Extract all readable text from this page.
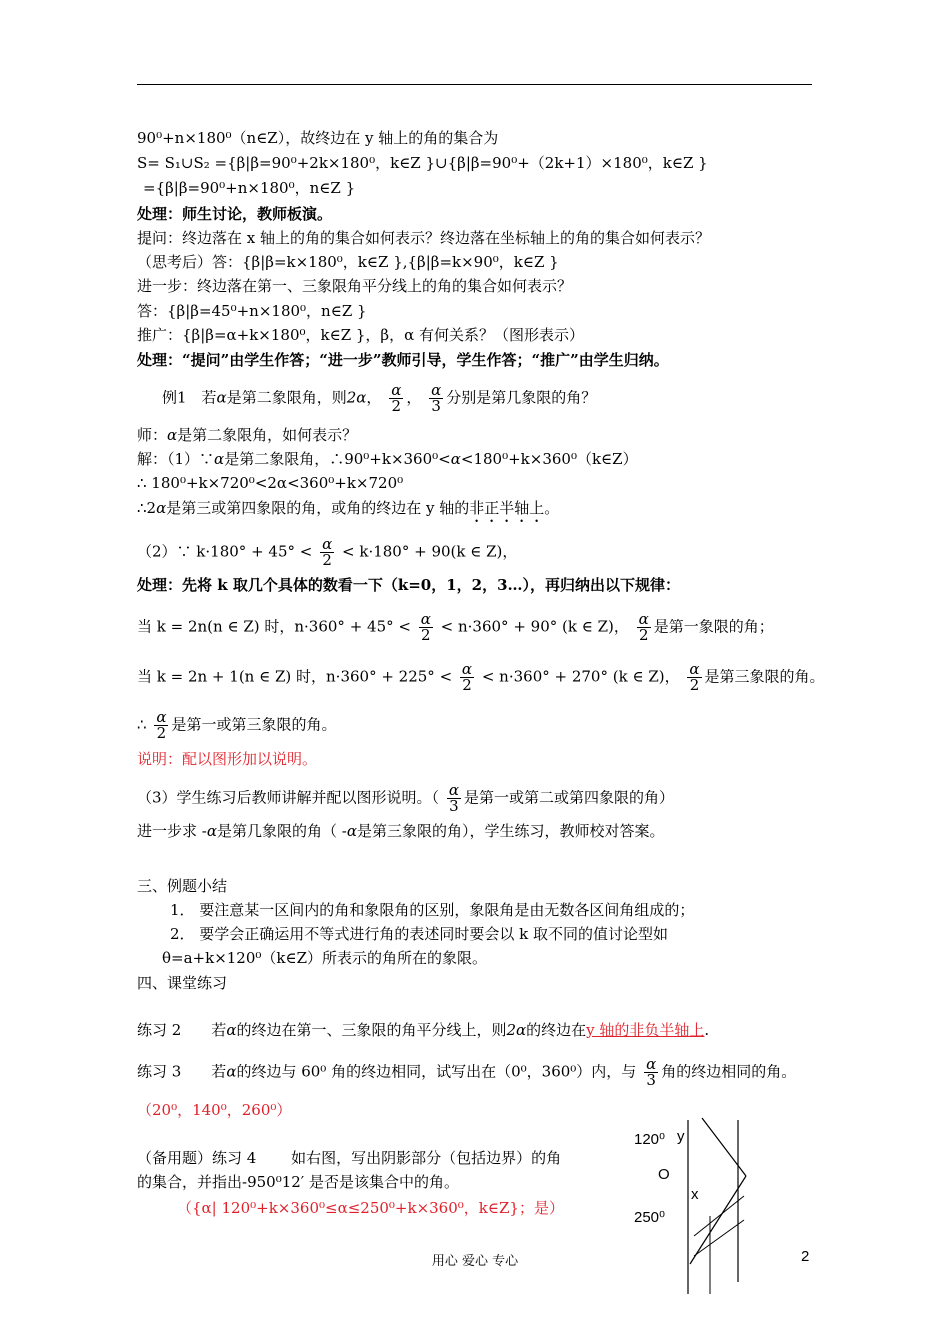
90⁰+n×180⁰（n∈Z），故终边在 y 轴上的角的集合为
S= S₁∪S₂ ={β|β=90⁰+2k×180⁰，k∈Z }∪{β|β=90⁰+（2k+1）×180⁰，k∈Z }
={β|β=90⁰+n×180⁰，n∈Z }
处理：师生讨论，教师板演。
提问：终边落在 x 轴上的角的集合如何表示？终边落在坐标轴上的角的集合如何表示？
（思考后）答：{β|β=k×180⁰，k∈Z },{β|β=k×90⁰，k∈Z }
进一步：终边落在第一、三象限角平分线上的角的集合如何表示？
答：{β|β=45⁰+n×180⁰，n∈Z }
推广：{β|β=α+k×180⁰，k∈Z }，β，α 有何关系？（图形表示）
处理：“提问”由学生作答；“进一步”教师引导，学生作答；“推广”由学生归纳。
例1　若α是第二象限角，则2α， $\frac{\alpha}{2}$ ， $\frac{\alpha}{3}$ 分别是第几象限的角？
师：α是第二象限角，如何表示？
解：（1）∵α是第二象限角，∴90⁰+k×360⁰<α<180⁰+k×360⁰（k∈Z）
∴ 180⁰+k×720⁰<2α<360⁰+k×720⁰
∴2α是第三或第四象限的角，或角的终边在 y 轴的非正半轴上。
（2）∵ $k\cdot 180^\circ + 45^\circ < \frac{\alpha}{2} < k\cdot 180^\circ + 90(k$ ∈ Z)，
处理：先将 k 取几个具体的数看一下（k=0，1，2，3…），再归纳出以下规律：
当 k = 2n(n ∈ Z) 时，$n\cdot 360^\circ + 45^\circ < \frac{\alpha}{2} < n\cdot 360^\circ + 90^\circ$ (k ∈ Z)， $\frac{\alpha}{2}$ 是第一象限的角；
当 k = 2n + 1(n ∈ Z) 时，$n\cdot 360^\circ + 225^\circ < \frac{\alpha}{2} < n\cdot 360^\circ + 270^\circ$ (k ∈ Z)， $\frac{\alpha}{2}$ 是第三象限的角。
∴ $\frac{\alpha}{2}$ 是第一或第三象限的角。
说明：配以图形加以说明。
（3）学生练习后教师讲解并配以图形说明。（ $\frac{\alpha}{3}$ 是第一或第二或第四象限的角）
进一步求 -α是第几象限的角（ -α是第三象限的角），学生练习，教师校对答案。
三、例题小结
1． 要注意某一区间内的角和象限角的区别，象限角是由无数各区间角组成的；
2． 要学会正确运用不等式进行角的表述同时要会以 k 取不同的值讨论型如
θ=a+k×120⁰（k∈Z）所表示的角所在的象限。
四、课堂练习
练习 2　　若α的终边在第一、三象限的角平分线上，则2α的终边在y 轴的非负半轴上.
练习 3　　若α的终边与 60⁰ 角的终边相同，试写出在（0⁰，360⁰）内，与 $\frac{\alpha}{3}$ 角的终边相同的角。
（20⁰，140⁰，260⁰）
（备用题）练习 4　　 如右图，写出阴影部分（包括边界）的角
的集合，并指出-950⁰12′ 是否是该集合中的角。
（{α| 120⁰+k×360⁰≤α≤250⁰+k×360⁰，k∈Z}；是）
120⁰ y
O
x
250⁰
用心 爱心 专心	2
